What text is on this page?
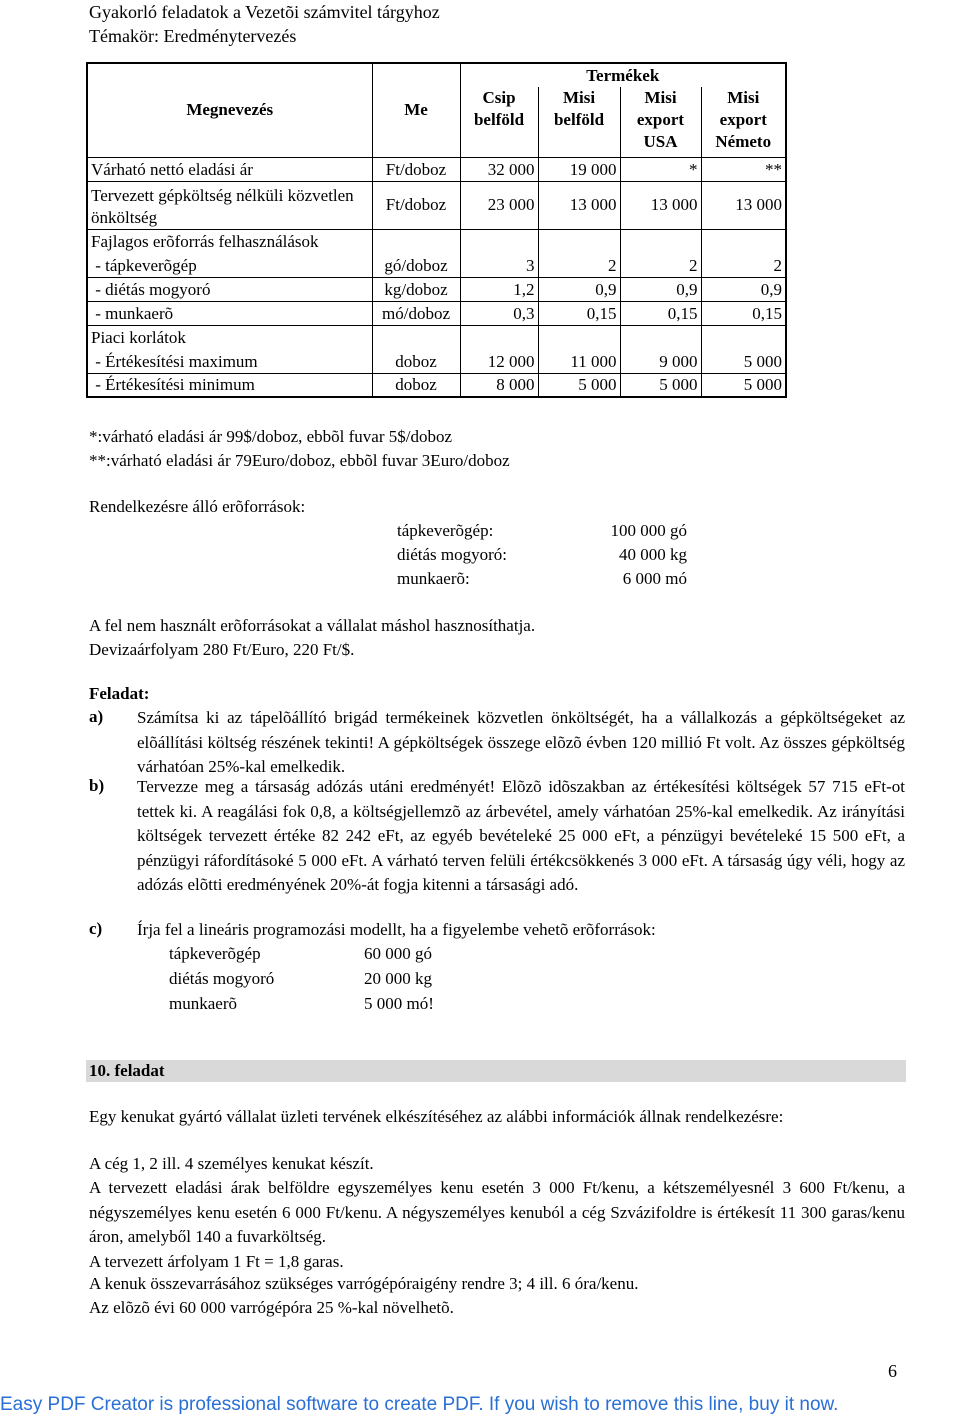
Gyakorló feladatok a Vezetõi számvitel tárgyhoz
Témakör: Eredménytervezés
Megnevezés	Me	Termékek			
		Csip belföld	Misi belföld	Misi export USA	Misi export Németo
Várható nettó eladási ár	Ft/doboz	32 000	19 000	*	**
Tervezett gépköltség nélküli közvetlen önköltség	Ft/doboz	23 000	13 000	13 000	13 000
Fajlagos erõforrás felhasználások					
- tápkeverõgép	gó/doboz	3	2	2	2
- diétás mogyoró	kg/doboz	1,2	0,9	0,9	0,9
- munkaerõ	mó/doboz	0,3	0,15	0,15	0,15
Piaci korlátok					
- Értékesítési maximum	doboz	12 000	11 000	9 000	5 000
- Értékesítési minimum	doboz	8 000	5 000	5 000	5 000
*:várható eladási ár 99$/doboz, ebbõl fuvar 5$/doboz
**:várható eladási ár 79Euro/doboz, ebbõl fuvar 3Euro/doboz
Rendelkezésre álló erõforrások:
tápkeverõgép:	100 000 gó
diétás mogyoró:	40 000 kg
munkaerõ:	6 000 mó
A fel nem használt erõforrásokat a vállalat máshol hasznosíthatja.
Devizaárfolyam 280 Ft/Euro, 220 Ft/$.
Feladat:
a) Számítsa ki az tápelõállító brigád termékeinek közvetlen önköltségét, ha a vállalkozás a gépköltségeket az elõállítási költség részének tekinti! A gépköltségek összege elõzõ évben 120 millió Ft volt. Az összes gépköltség várhatóan 25%-kal emelkedik.
b) Tervezze meg a társaság adózás utáni eredményét! Elõzõ idõszakban az értékesítési költségek 57 715 eFt-ot tettek ki. A reagálási fok 0,8, a költségjellemzõ az árbevétel, amely várhatóan 25%-kal emelkedik. Az irányítási költségek tervezett értéke 82 242 eFt, az egyéb bevételeké 25 000 eFt, a pénzügyi bevételeké 15 500 eFt, a pénzügyi ráfordításoké 5 000 eFt. A várható terven felüli értékcsökkenés 3 000 eFt. A társaság úgy véli, hogy az adózás elõtti eredményének 20%-át fogja kitenni a társasági adó.
c) Írja fel a lineáris programozási modellt, ha a figyelembe vehetõ erõforrások:
tápkeverõgép	60 000 gó
diétás mogyoró	20 000 kg
munkaerõ	5 000 mó!
10. feladat
Egy kenukat gyártó vállalat üzleti tervének elkészítéséhez az alábbi információk állnak rendelkezésre:
A cég 1, 2 ill. 4 személyes kenukat készít.
A tervezett eladási árak belföldre egyszemélyes kenu esetén 3 000 Ft/kenu, a kétszemélyesnél 3 600 Ft/kenu, a négyszemélyes kenu esetén 6 000 Ft/kenu. A négyszemélyes kenuból a cég Szvázifoldre is értékesít 11 300 garas/kenu áron, amelyből 140 a fuvarköltség.
A tervezett árfolyam 1 Ft = 1,8 garas.
A kenuk összevarrásához szükséges varrógépóraigény rendre 3; 4 ill. 6 óra/kenu.
Az elõzõ évi 60 000 varrógépóra 25 %-kal növelhetõ.
6
Easy PDF Creator is professional software to create PDF. If you wish to remove this line, buy it now.
